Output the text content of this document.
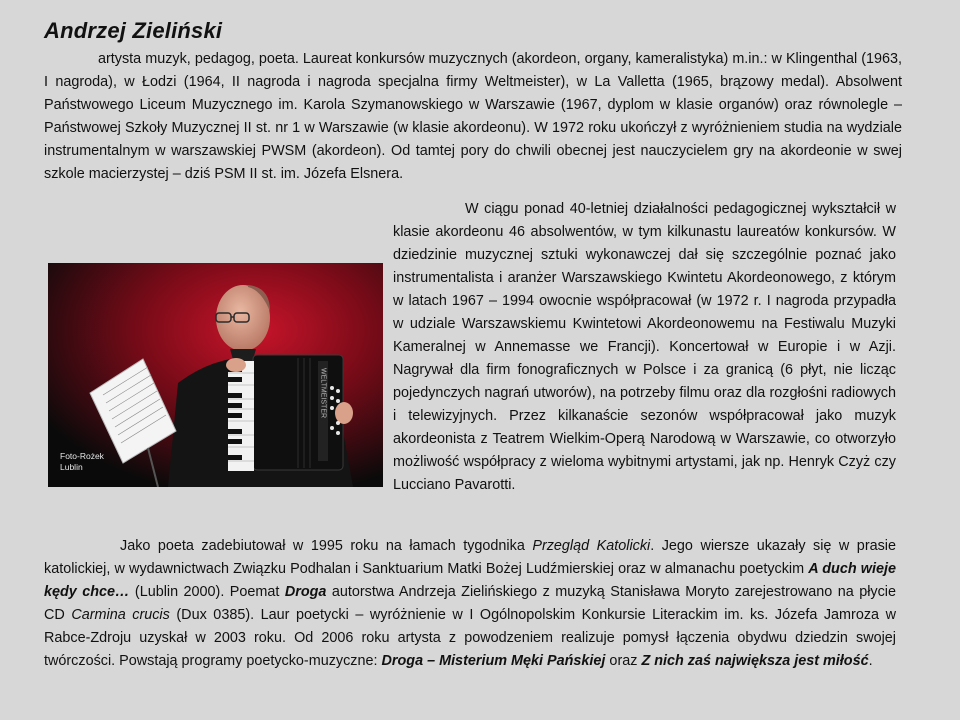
Andrzej Zieliński
artysta muzyk, pedagog, poeta. Laureat konkursów muzycznych (akordeon, organy, kameralistyka) m.in.: w Klingenthal (1963, I nagroda), w Łodzi (1964, II nagroda i nagroda specjalna firmy Weltmeister), w La Valletta (1965, brązowy medal). Absolwent Państwowego Liceum Muzycznego im. Karola Szymanowskiego w Warszawie (1967, dyplom w klasie organów) oraz równolegle – Państwowej Szkoły Muzycznej II st. nr 1 w Warszawie (w klasie akordeonu). W 1972 roku ukończył z wyróżnieniem studia na wydziale instrumentalnym w warszawskiej PWSM (akordeon). Od tamtej pory do chwili obecnej jest nauczycielem gry na akordeonie w swej szkole macierzystej – dziś PSM II st. im. Józefa Elsnera.
W ciągu ponad 40-letniej działalności pedagogicznej wykształcił w klasie akordeonu 46 absolwentów, w tym kilkunastu laureatów konkursów. W dziedzinie muzycznej sztuki wykonawczej dał się szczególnie poznać jako instrumentalista i aranżer Warszawskiego Kwintetu Akordeonowego, z którym w latach 1967 – 1994 owocnie współpracował (w 1972 r. I nagroda przypadła w udziale Warszawskiemu Kwintetowi Akordeonowemu na Festiwalu Muzyki Kameralnej w Annemasse we Francji). Koncertował w Europie i w Azji. Nagrywał dla firm fonograficznych w Polsce i za granicą (6 płyt, nie licząc pojedynczych nagrań utworów), na potrzeby filmu oraz dla rozgłośni radiowych i telewizyjnych. Przez kilkanaście sezonów współpracował jako muzyk akordeonista z Teatrem Wielkim-Operą Narodową w Warszawie, co otworzyło możliwość współpracy z wieloma wybitnymi artystami, jak np. Henryk Czyż czy Lucciano Pavarotti.
WELTMEISTER
Foto-Rożek
Lublin
Jako poeta zadebiutował w 1995 roku na łamach tygodnika Przegląd Katolicki. Jego wiersze ukazały się w prasie katolickiej, w wydawnictwach Związku Podhalan i Sanktuarium Matki Bożej Ludźmierskiej oraz w almanachu poetyckim A duch wieje kędy chce… (Lublin 2000). Poemat Droga autorstwa Andrzeja Zielińskiego z muzyką Stanisława Moryto zarejestrowano na płycie CD Carmina crucis (Dux 0385). Laur poetycki – wyróżnienie w I Ogólnopolskim Konkursie Literackim im. ks. Józefa Jamroza w Rabce-Zdroju uzyskał w 2003 roku. Od 2006 roku artysta z powodzeniem realizuje pomysł łączenia obydwu dziedzin swojej twórczości. Powstają programy poetycko-muzyczne: Droga – Misterium Męki Pańskiej oraz Z nich zaś największa jest miłość.
